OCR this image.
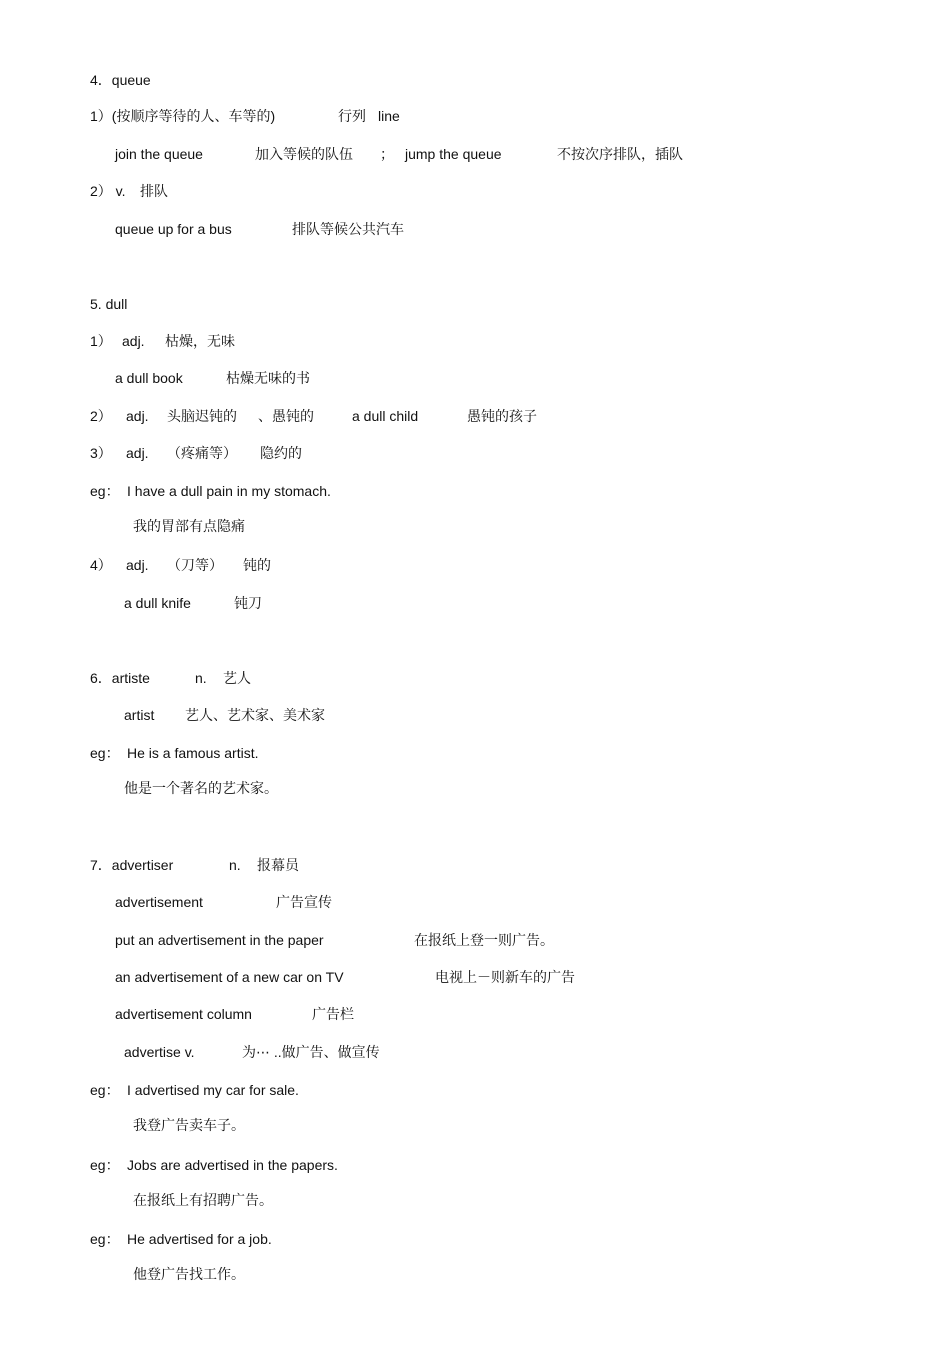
4．queue
1）(按顺序等待的人、车等的)	行列 line
join the queue	加入等候的队伍 ； jump the queue	不按次序排队，插队
2） v. 排队
queue up for a bus	排队等候公共汽车
5. dull
1） adj. 枯燥，无味
a dull book	枯燥无味的书
2） adj. 头脑迟钝的 、愚钝的	a dull child	愚钝的孩子
3） adj. （疼痛等） 隐约的
eg： I have a dull pain in my stomach.
我的胃部有点隐痛
4） adj. （刀等） 钝的
a dull knife	钝刀
6．artiste	n. 艺人
artist 艺人、艺术家、美术家
eg： He is a famous artist.
他是一个著名的艺术家。
7．advertiser	n. 报幕员
advertisement	广告宣传
put an advertisement in the paper	在报纸上登一则广告。
an advertisement of a new car on TV	电视上－则新车的广告
advertisement column	广告栏
advertise v.	为⋯ ..做广告、做宣传
eg： I advertised my car for sale.
我登广告卖车子。
eg： Jobs are advertised in the papers.
在报纸上有招聘广告。
eg： He advertised for a job.
他登广告找工作。
